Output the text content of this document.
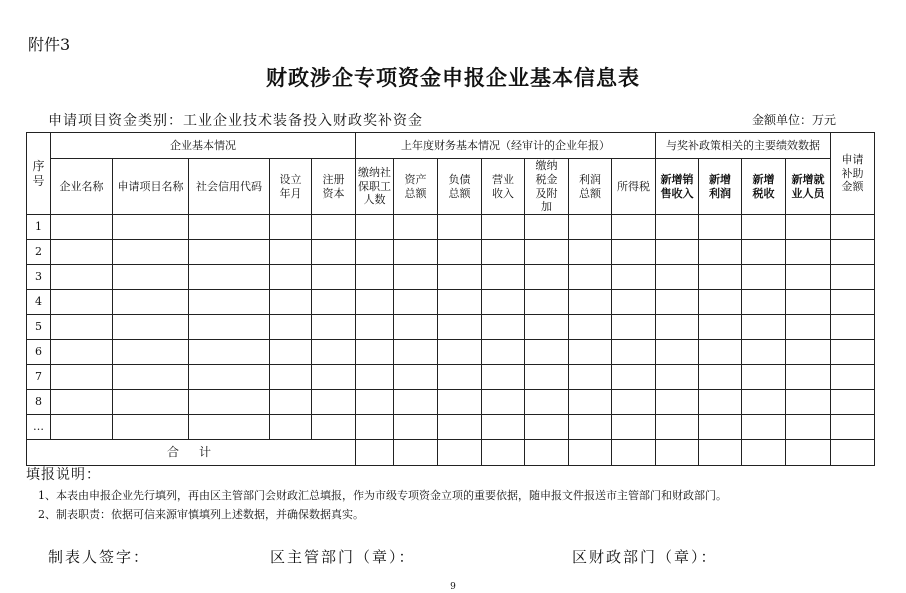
附件3
财政涉企专项资金申报企业基本信息表
申请项目资金类别：工业企业技术装备投入财政奖补资金	金额单位：万元
序号	企业基本情况					上年度财务基本情况（经审计的企业年报）							与奖补政策相关的主要绩效数据				申请补助金额
	企业名称	申请项目名称	社会信用代码	设立年月	注册资本	缴纳社保职工人数	资产总额	负债总额	营业收入	缴纳税金及附加	利润总额	所得税	新增销售收入	新增利润	新增税收	新增就业人员	
1																	
2																	
3																	
4																	
5																	
6																	
7																	
8																	
…																	
合　计																	
填报说明：
1、本表由申报企业先行填列，再由区主管部门会财政汇总填报，作为市级专项资金立项的重要依据，随申报文件报送市主管部门和财政部门。
2、制表职责：依据可信来源审慎填列上述数据，并确保数据真实。
制表人签字：	区主管部门（章）：	区财政部门（章）：
9
